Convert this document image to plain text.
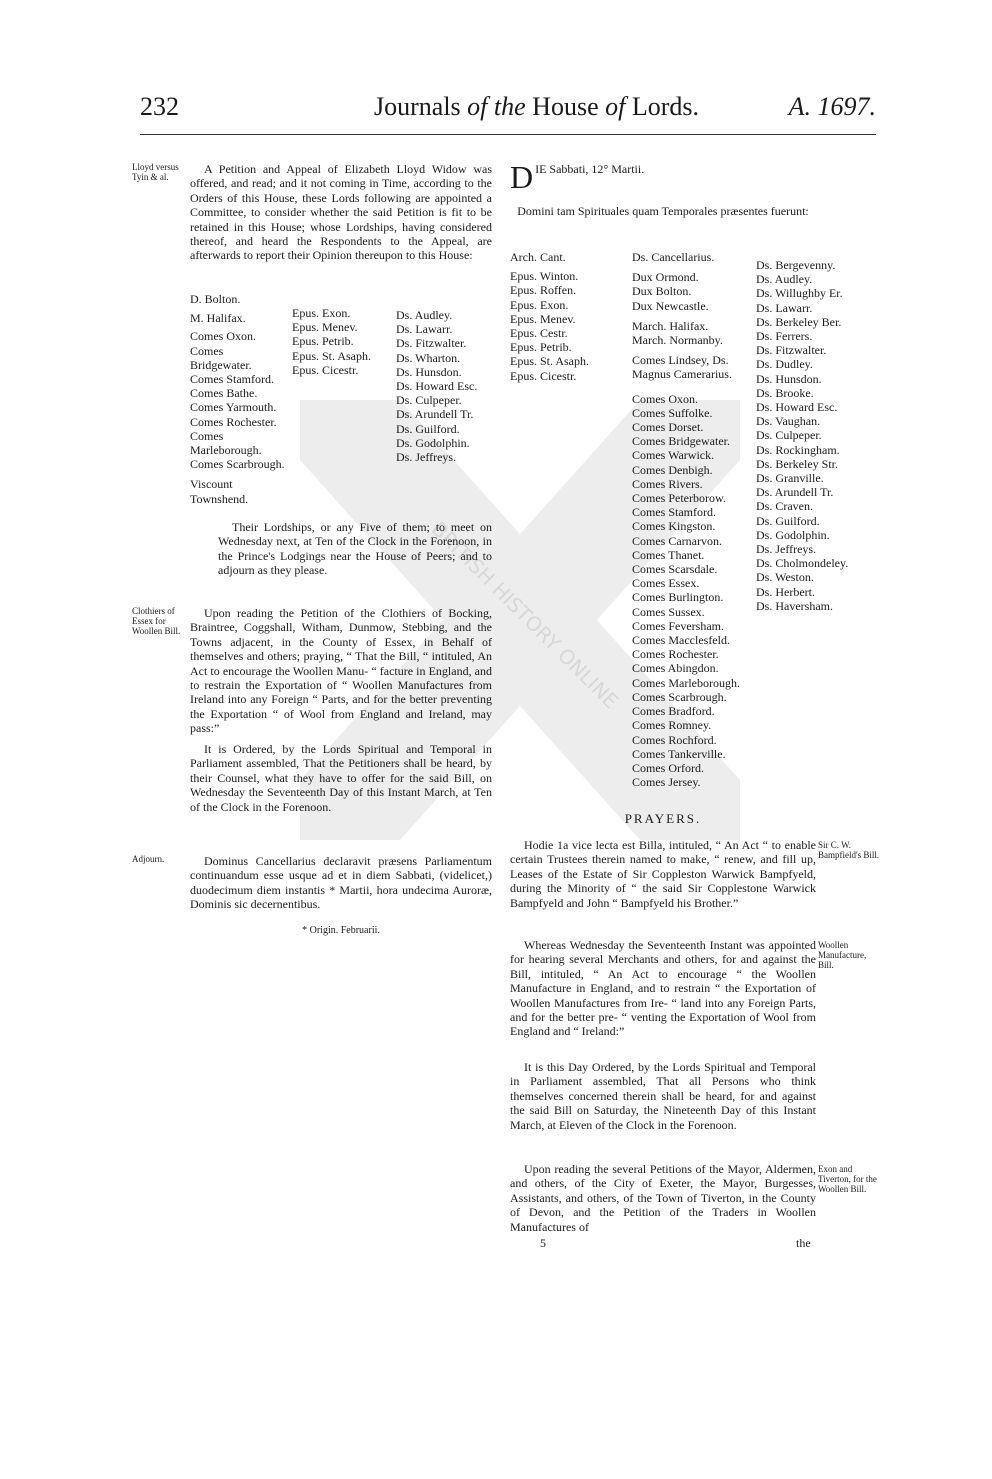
232	Journals of the House of Lords.	A. 1697.
BRITISH HISTORY ONLINE
Lloyd versus Tyin & al.

A Petition and Appeal of Elizabeth Lloyd Widow was offered, and read; and it not coming in Time, according to the Orders of this House, these Lords following are appointed a Committee, to consider whether the said Petition is fit to be retained in this House; whose Lordships, having considered thereof, and heard the Respondents to the Appeal, are afterwards to report their Opinion thereupon to this House:

D. Bolton.
M. Halifax.
Comes Oxon.
Comes Bridgewater.
Comes Stamford.
Comes Bathe.
Comes Yarmouth.
Comes Rochester.
Comes Marleborough.
Comes Scarbrough.
Viscount Townshend.
Epus. Exon.
Epus. Menev.
Epus. Petrib.
Epus. St. Asaph.
Epus. Cicestr.
Ds. Audley.
Ds. Lawarr.
Ds. Fitzwalter.
Ds. Wharton.
Ds. Hunsdon.
Ds. Howard Esc.
Ds. Culpeper.
Ds. Arundell Tr.
Ds. Guilford.
Ds. Godolphin.
Ds. Jeffreys.

Their Lordships, or any Five of them; to meet on Wednesday next, at Ten of the Clock in the Forenoon, in the Prince's Lodgings near the House of Peers; and to adjourn as they please.

Clothiers of Essex for Woollen Bill.

Upon reading the Petition of the Clothiers of Bocking, Braintree, Coggshall, Witham, Dunmow, Stebbing, and the Towns adjacent, in the County of Essex, in Behalf of themselves and others; praying, “ That the Bill, “ intituled, An Act to encourage the Woollen Manu- “ facture in England, and to restrain the Exportation of “ Woollen Manufactures from Ireland into any Foreign “ Parts, and for the better preventing the Exportation “ of Wool from England and Ireland, may pass:”

It is Ordered, by the Lords Spiritual and Temporal in Parliament assembled, That the Petitioners shall be heard, by their Counsel, what they have to offer for the said Bill, on Wednesday the Seventeenth Day of this Instant March, at Ten of the Clock in the Forenoon.

Adjourn.	Dominus Cancellarius declaravit præsens Parliamentum continuandum esse usque ad et in diem Sabbati, (videlicet,) duodecimum diem instantis * Martii, hora undecima Auroræ, Dominis sic decernentibus.

* Origin. Februarii.

D IE Sabbati, 12° Martii.

Domini tam Spirituales quam Temporales præsentes fuerunt:

Arch. Cant.
Epus. Winton.
Epus. Roffen.
Epus. Exon.
Epus. Menev.
Epus. Cestr.
Epus. Petrib.
Epus. St. Asaph.
Epus. Cicestr.
Ds. Cancellarius.
Dux Ormond.
Dux Bolton.
Dux Newcastle.
March. Halifax.
March. Normanby.
Comes Lindsey, Ds. Magnus Camerarius.
Comes Oxon.
Comes Suffolke.
Comes Dorset.
Comes Bridgewater.
Comes Warwick.
Comes Denbigh.
Comes Rivers.
Comes Peterborow.
Comes Stamford.
Comes Kingston.
Comes Carnarvon.
Comes Thanet.
Comes Scarsdale.
Comes Essex.
Comes Burlington.
Comes Sussex.
Comes Feversham.
Comes Macclesfeld.
Comes Rochester.
Comes Abingdon.
Comes Marleborough.
Comes Scarbrough.
Comes Bradford.
Comes Romney.
Comes Rochford.
Comes Tankerville.
Comes Orford.
Comes Jersey.
Ds. Bergevenny.
Ds. Audley.
Ds. Willughby Er.
Ds. Lawarr.
Ds. Berkeley Ber.
Ds. Ferrers.
Ds. Fitzwalter.
Ds. Dudley.
Ds. Hunsdon.
Ds. Brooke.
Ds. Howard Esc.
Ds. Vaughan.
Ds. Culpeper.
Ds. Rockingham.
Ds. Berkeley Str.
Ds. Granville.
Ds. Arundell Tr.
Ds. Craven.
Ds. Guilford.
Ds. Godolphin.
Ds. Jeffreys.
Ds. Cholmondeley.
Ds. Weston.
Ds. Herbert.
Ds. Haversham.

PRAYERS.

Sir C. W. Bampfield's Bill.

Hodie 1a vice lecta est Billa, intituled, “ An Act “ to enable certain Trustees therein named to make, “ renew, and fill up, Leases of the Estate of Sir Coppleston Warwick Bampfyeld, during the Minority of “ the said Sir Copplestone Warwick Bampfyeld and John “ Bampfyeld his Brother.”

Woollen Manufacture, Bill.

Whereas Wednesday the Seventeenth Instant was appointed for hearing several Merchants and others, for and against the Bill, intituled, “ An Act to encourage “ the Woollen Manufacture in England, and to restrain “ the Exportation of Woollen Manufactures from Ire- “ land into any Foreign Parts, and for the better pre- “ venting the Exportation of Wool from England and “ Ireland:”

It is this Day Ordered, by the Lords Spiritual and Temporal in Parliament assembled, That all Persons who think themselves concerned therein shall be heard, for and against the said Bill on Saturday, the Nineteenth Day of this Instant March, at Eleven of the Clock in the Forenoon.

Exon and Tiverton, for the Woollen Bill.

Upon reading the several Petitions of the Mayor, Aldermen, and others, of the City of Exeter, the Mayor, Burgesses, Assistants, and others, of the Town of Tiverton, in the County of Devon, and the Petition of the Traders in Woollen Manufactures of

5	the
